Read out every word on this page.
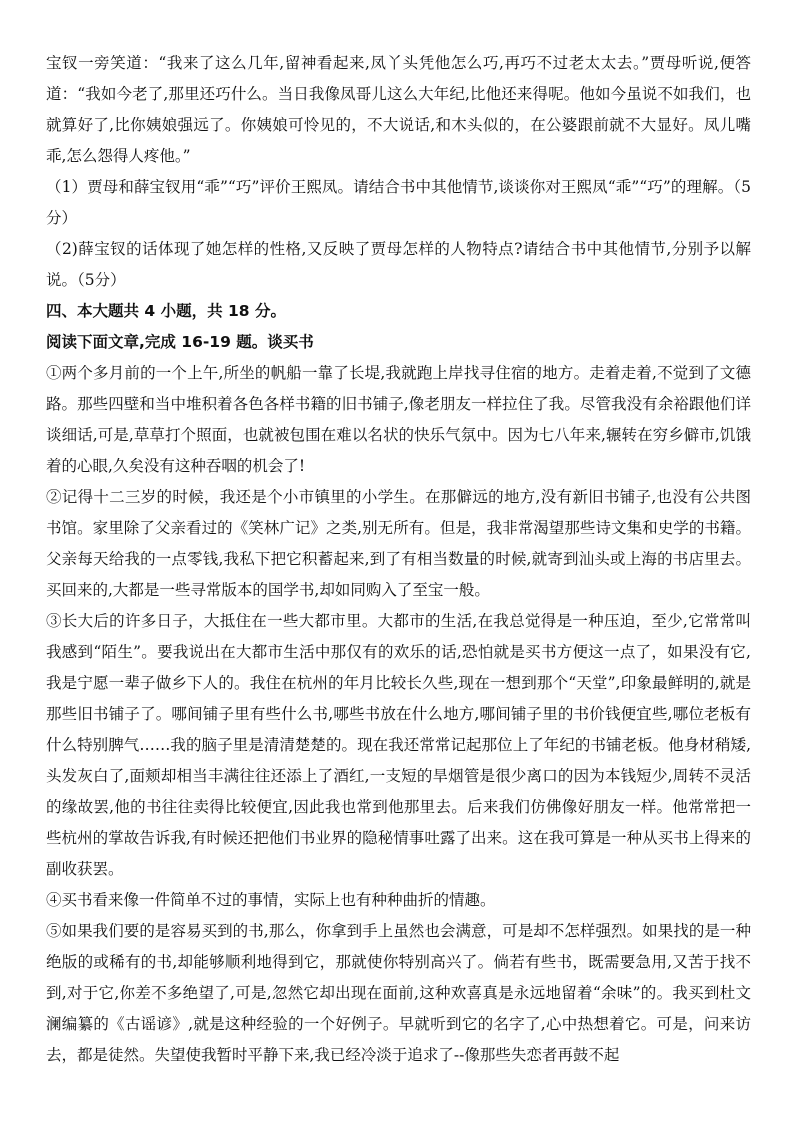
宝钗一旁笑道：“我来了这么几年,留神看起来,凤丫头凭他怎么巧,再巧不过老太太去。”贾母听说,便答道：“我如今老了,那里还巧什么。当日我像凤哥儿这么大年纪,比他还来得呢。他如今虽说不如我们，也就算好了,比你姨娘强远了。你姨娘可怜见的，不大说话,和木头似的，在公婆跟前就不大显好。凤儿嘴乖,怎么怨得人疼他。”

（1）贾母和薛宝钗用“乖”“巧”评价王熙凤。请结合书中其他情节,谈谈你对王熙凤“乖”“巧”的理解。（5分）

（2)薛宝钗的话体现了她怎样的性格,又反映了贾母怎样的人物特点?请结合书中其他情节,分别予以解说。（5分）

四、本大题共 4 小题，共 18 分。

阅读下面文章,完成 16-19 题。谈买书

①两个多月前的一个上午,所坐的帆船一靠了长堤,我就跑上岸找寻住宿的地方。走着走着,不觉到了文德路。那些四壁和当中堆积着各色各样书籍的旧书铺子,像老朋友一样拉住了我。尽管我没有余裕跟他们详谈细话,可是,草草打个照面，也就被包围在难以名状的快乐气氛中。因为七八年来,辗转在穷乡僻市,饥饿着的心眼,久矣没有这种吞咽的机会了!

②记得十二三岁的时候，我还是个小市镇里的小学生。在那僻远的地方,没有新旧书铺子,也没有公共图书馆。家里除了父亲看过的《笑林广记》之类,别无所有。但是，我非常渴望那些诗文集和史学的书籍。父亲每天给我的一点零钱,我私下把它积蓄起来,到了有相当数量的时候,就寄到汕头或上海的书店里去。买回来的,大都是一些寻常版本的国学书,却如同购入了至宝一般。

③长大后的许多日子，大抵住在一些大都市里。大都市的生活,在我总觉得是一种压迫，至少,它常常叫我感到“陌生”。要我说出在大都市生活中那仅有的欢乐的话,恐怕就是买书方便这一点了，如果没有它,我是宁愿一辈子做乡下人的。我住在杭州的年月比较长久些,现在一想到那个“天堂”,印象最鲜明的,就是那些旧书铺子了。哪间铺子里有些什么书,哪些书放在什么地方,哪间铺子里的书价钱便宜些,哪位老板有什么特别脾气……我的脑子里是清清楚楚的。现在我还常常记起那位上了年纪的书铺老板。他身材稍矮,头发灰白了,面颊却相当丰满往往还添上了酒红,一支短的旱烟管是很少离口的因为本钱短少,周转不灵活的缘故罢,他的书往往卖得比较便宜,因此我也常到他那里去。后来我们仿佛像好朋友一样。他常常把一些杭州的掌故告诉我,有时候还把他们书业界的隐秘情事吐露了出来。这在我可算是一种从买书上得来的副收获罢。

④买书看来像一件简单不过的事情，实际上也有种种曲折的情趣。

⑤如果我们要的是容易买到的书,那么，你拿到手上虽然也会满意，可是却不怎样强烈。如果找的是一种绝版的或稀有的书,却能够顺利地得到它，那就使你特别高兴了。倘若有些书，既需要急用,又苦于找不到,对于它,你差不多绝望了,可是,忽然它却出现在面前,这种欢喜真是永远地留着“余味”的。我买到杜文澜编纂的《古谣谚》,就是这种经验的一个好例子。早就听到它的名字了,心中热想着它。可是，问来访去，都是徒然。失望使我暂时平静下来,我已经冷淡于追求了--像那些失恋者再鼓不起
